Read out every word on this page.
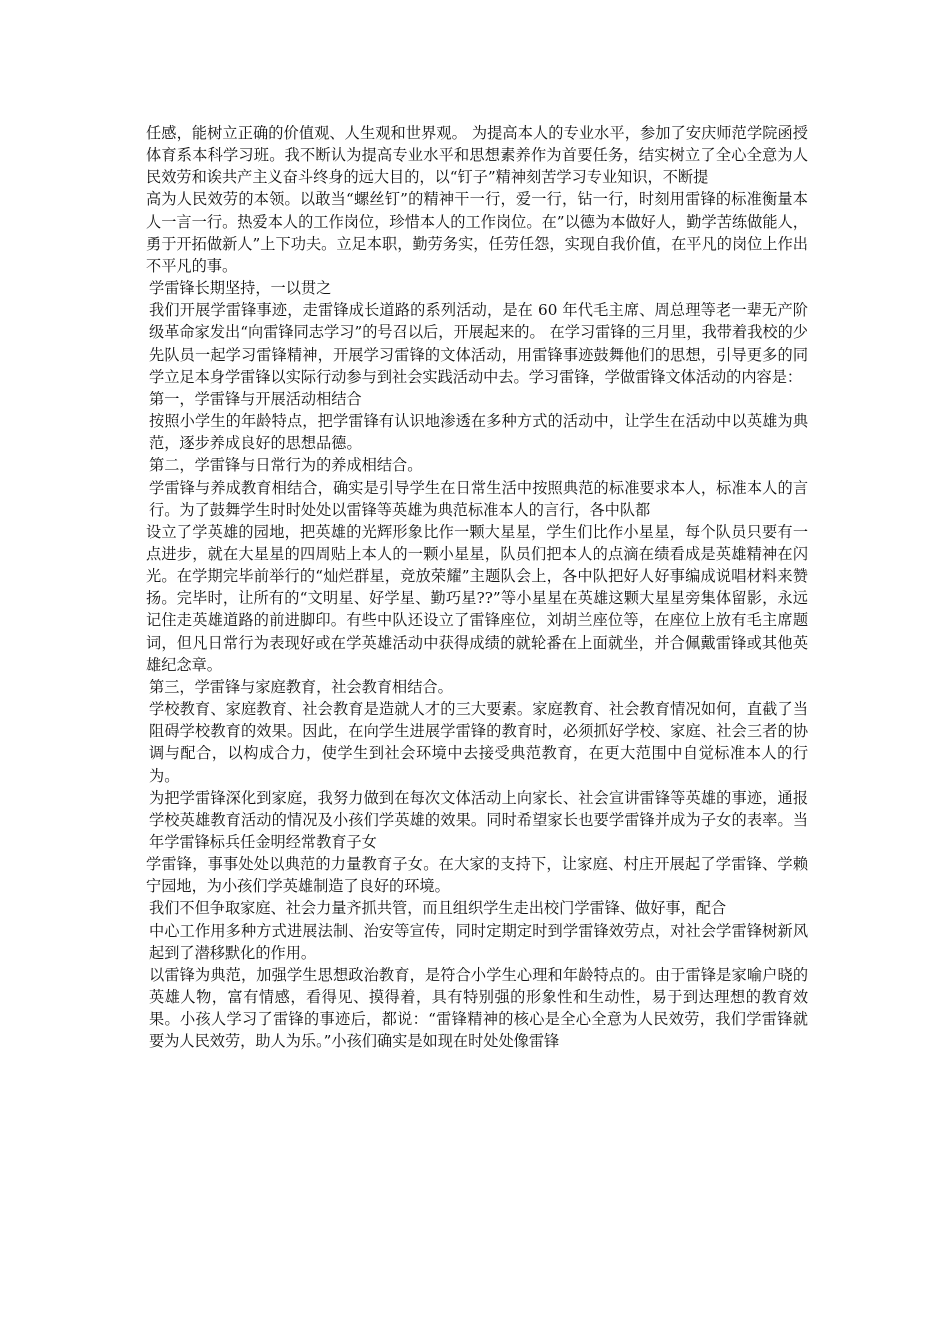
任感，能树立正确的价值观、人生观和世界观。 为提高本人的专业水平，参加了安庆师范学院函授体育系本科学习班。我不断认为提高专业水平和思想素养作为首要任务，结实树立了全心全意为人民效劳和诶共产主义奋斗终身的远大目的，以“钉子”精神刻苦学习专业知识，不断提

高为人民效劳的本领。以敢当“螺丝钉”的精神干一行，爱一行，钻一行，时刻用雷锋的标准衡量本人一言一行。热爱本人的工作岗位，珍惜本人的工作岗位。在”以德为本做好人，勤学苦练做能人，勇于开拓做新人”上下功夫。立足本职，勤劳务实，任劳任怨，实现自我价值，在平凡的岗位上作出不平凡的事。

学雷锋长期坚持，一以贯之

我们开展学雷锋事迹，走雷锋成长道路的系列活动，是在 60 年代毛主席、周总理等老一辈无产阶级革命家发出“向雷锋同志学习”的号召以后，开展起来的。 在学习雷锋的三月里，我带着我校的少先队员一起学习雷锋精神，开展学习雷锋的文体活动，用雷锋事迹鼓舞他们的思想，引导更多的同学立足本身学雷锋以实际行动参与到社会实践活动中去。学习雷锋，学做雷锋文体活动的内容是：

第一，学雷锋与开展活动相结合

按照小学生的年龄特点，把学雷锋有认识地渗透在多种方式的活动中，让学生在活动中以英雄为典范，逐步养成良好的思想品德。

第二，学雷锋与日常行为的养成相结合。

学雷锋与养成教育相结合，确实是引导学生在日常生活中按照典范的标准要求本人，标准本人的言行。为了鼓舞学生时时处处以雷锋等英雄为典范标准本人的言行，各中队都

设立了学英雄的园地，把英雄的光辉形象比作一颗大星星，学生们比作小星星，每个队员只要有一点进步，就在大星星的四周贴上本人的一颗小星星，队员们把本人的点滴在绩看成是英雄精神在闪光。在学期完毕前举行的“灿烂群星，竞放荣耀”主题队会上，各中队把好人好事编成说唱材料来赞扬。完毕时，让所有的“文明星、好学星、勤巧星??”等小星星在英雄这颗大星星旁集体留影，永远记住走英雄道路的前进脚印。有些中队还设立了雷锋座位，刘胡兰座位等，在座位上放有毛主席题词，但凡日常行为表现好或在学英雄活动中获得成绩的就轮番在上面就坐，并合佩戴雷锋或其他英雄纪念章。

第三，学雷锋与家庭教育，社会教育相结合。

学校教育、家庭教育、社会教育是造就人才的三大要素。家庭教育、社会教育情况如何，直截了当阻碍学校教育的效果。因此，在向学生进展学雷锋的教育时，必须抓好学校、家庭、社会三者的协调与配合，以构成合力，使学生到社会环境中去接受典范教育，在更大范围中自觉标准本人的行为。

为把学雷锋深化到家庭，我努力做到在每次文体活动上向家长、社会宣讲雷锋等英雄的事迹，通报学校英雄教育活动的情况及小孩们学英雄的效果。同时希望家长也要学雷锋并成为子女的表率。当年学雷锋标兵任金明经常教育子女

学雷锋，事事处处以典范的力量教育子女。在大家的支持下，让家庭、村庄开展起了学雷锋、学赖宁园地，为小孩们学英雄制造了良好的环境。

我们不但争取家庭、社会力量齐抓共管，而且组织学生走出校门学雷锋、做好事，配合

中心工作用多种方式进展法制、治安等宣传，同时定期定时到学雷锋效劳点，对社会学雷锋树新风起到了潜移默化的作用。

以雷锋为典范，加强学生思想政治教育，是符合小学生心理和年龄特点的。由于雷锋是家喻户晓的英雄人物，富有情感，看得见、摸得着，具有特别强的形象性和生动性，易于到达理想的教育效果。小孩人学习了雷锋的事迹后，都说：“雷锋精神的核心是全心全意为人民效劳，我们学雷锋就要为人民效劳，助人为乐。”小孩们确实是如现在时处处像雷锋
